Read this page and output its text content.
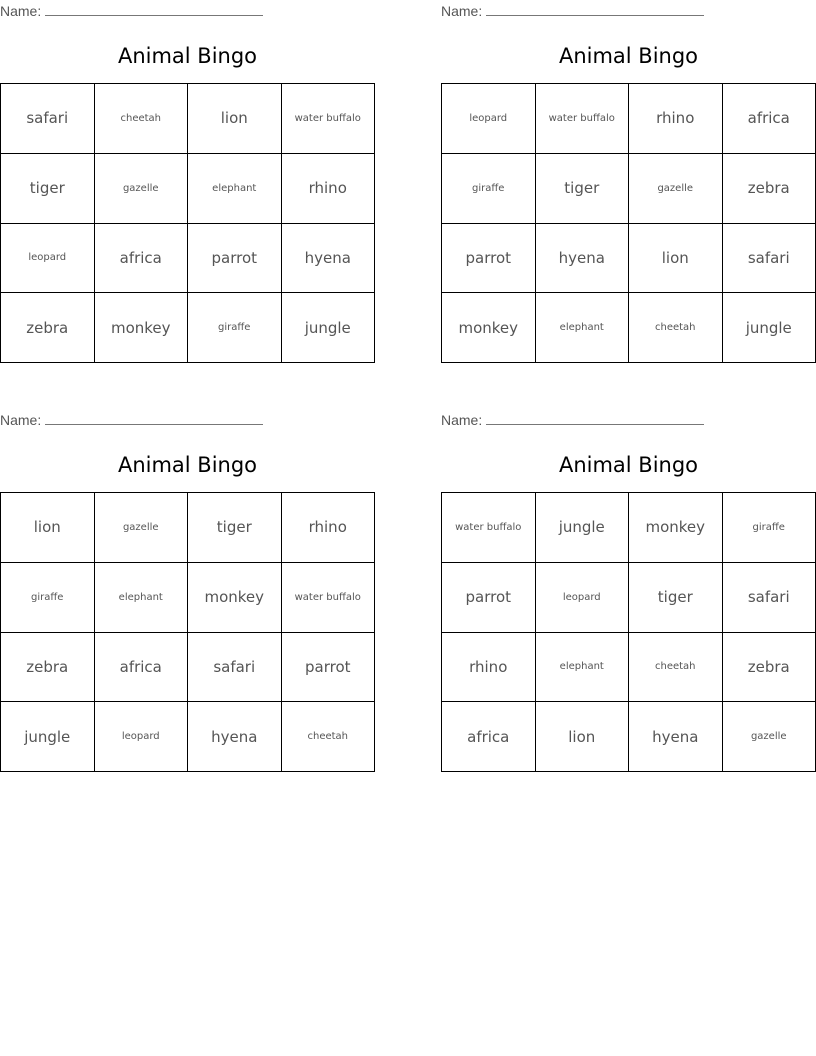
Name:
Animal Bingo
safari	cheetah	lion	water buffalo
tiger	gazelle	elephant	rhino
leopard	africa	parrot	hyena
zebra	monkey	giraffe	jungle
Name:
Animal Bingo
leopard	water buffalo	rhino	africa
giraffe	tiger	gazelle	zebra
parrot	hyena	lion	safari
monkey	elephant	cheetah	jungle
Name:
Animal Bingo
lion	gazelle	tiger	rhino
giraffe	elephant	monkey	water buffalo
zebra	africa	safari	parrot
jungle	leopard	hyena	cheetah
Name:
Animal Bingo
water buffalo	jungle	monkey	giraffe
parrot	leopard	tiger	safari
rhino	elephant	cheetah	zebra
africa	lion	hyena	gazelle
